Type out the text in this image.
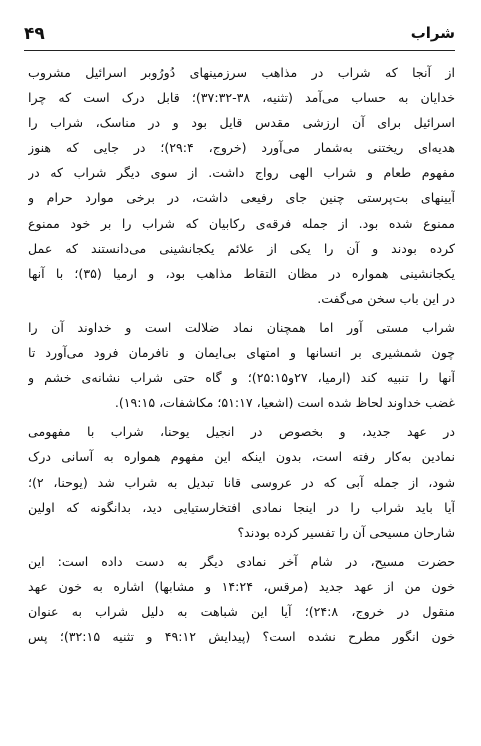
شراب
۴۹
از آنجا که شراب در مذاهب سرزمینهای دُورُوبر اسرائیل مشروب
خدایان به حساب می‌آمد (تثنیه، ۳۸-۳۷:۳۲)؛ قابل درک است که چرا
اسرائیل برای آن ارزشی مقدس قایل بود و در مناسک، شراب را
هدیه‌ای ریختنی به‌شمار می‌آورد (خروج، ۲۹:۴)؛ در جایی که هنوز
مفهوم طعام و شراب الهی رواج داشت. از سوی دیگر شراب که در
آیینهای بت‌پرستی چنین جای رفیعی داشت، در برخی موارد حرام و
ممنوع شده بود. از جمله فرقه‌ی رکابیان که شراب را بر خود ممنوع
کرده بودند و آن را یکی از علائم یکجانشینی می‌دانستند که عمل
یکجانشینی همواره در مظان التقاط مذاهب بود، و ارمیا (۳۵)؛ با آنها
در این باب سخن می‌گفت.
شراب مستی آور اما همچنان نماد ضلالت است و خداوند آن را
چون شمشیری بر انسانها و امتهای بی‌ایمان و نافرمان فرود می‌آورد تا
آنها را تنبیه کند (ارمیا، ۲۷و۲۵:۱۵)؛ و گاه حتی شراب نشانه‌ی خشم و
غضب خداوند لحاظ شده است (اشعیا، ۵۱:۱۷؛ مکاشفات، ۱۹:۱۵).
در عهد جدید، و بخصوص در انجیل یوحنا، شراب با مفهومی
نمادین به‌کار رفته است، بدون اینکه این مفهوم همواره به آسانی درک
شود، از جمله آبی که در عروسی قانا تبدیل به شراب شد (یوحنا، ۲)؛
آیا باید شراب را در اینجا نمادی افتخارستیایی دید، بدانگونه که اولین
شارحان مسیحی آن را تفسیر کرده بودند؟
حضرت مسیح، در شام آخر نمادی دیگر به دست داده است: این
خون من از عهد جدید (مرقس، ۱۴:۲۴ و مشابها) اشاره به خون عهد
منقول در خروج، ۲۴:۸)؛ آیا این شباهت به دلیل شراب به عنوان
خون انگور مطرح نشده است؟ (پیدایش ۴۹:۱۲ و تثنیه ۳۲:۱۵)؛ پس
